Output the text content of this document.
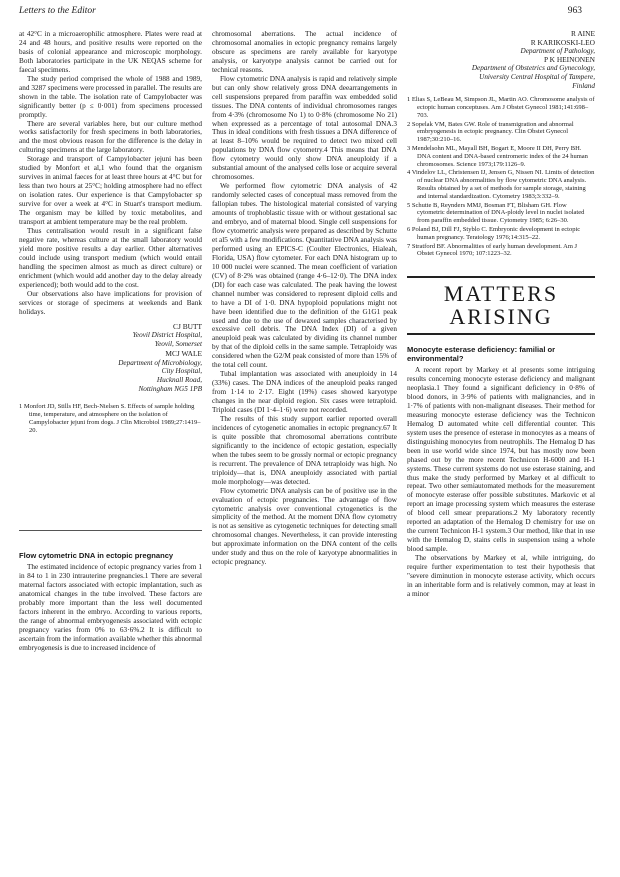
Letters to the Editor	963

at 42°C in a microaerophilic atmosphere. Plates were read at 24 and 48 hours, and positive results were reported on the basis of colonial appearance and microscopic morphology. Both laboratories participate in the UK NEQAS scheme for faecal specimens.

The study period comprised the whole of 1988 and 1989, and 3287 specimens were processed in parallel. The results are shown in the table. The isolation rate of Campylobacter was significantly better (p ≤ 0·001) from specimens processed promptly.

There are several variables here, but our culture method works satisfactorily for fresh specimens in both laboratories, and the most obvious reason for the difference is the delay in culturing specimens at the large laboratory.

Storage and transport of Campylobacter jejuni has been studied by Monfort et al,1 who found that the organism survives in animal faeces for at least three hours at 4°C but for less than two hours at 25°C; holding atmosphere had no effect on isolation rates. Our experience is that Campylobacter sp survive for over a week at 4°C in Stuart's transport medium. The organism may be killed by toxic metabolites, and transport at ambient temperature may be the real problem.

Thus centralisation would result in a significant false negative rate, whereas culture at the small laboratory would yield more positive results a day earlier. Other alternatives could include using transport medium (which would entail handling the specimen almost as much as direct culture) or enrichment (which would add another day to the delay already experienced); both would add to the cost.

Our observations also have implications for provision of services or storage of specimens at weekends and Bank holidays.

CJ BUTT
Yeovil District Hospital,
Yeovil, Somerset
MCJ WALE
Department of Microbiology,
City Hospital,
Hucknall Road,
Nottingham NG5 1PB
1 Monfort JD, Stills HF, Bech-Nielsen S. Effects of sample holding time, temperature, and atmosphere on the isolation of Campylobacter jejuni from dogs. J Clin Microbiol 1989;27:1419–20.
Flow cytometric DNA in ectopic pregnancy

The estimated incidence of ectopic pregnancy varies from 1 in 84 to 1 in 230 intrauterine pregnancies.1 There are several maternal factors associated with ectopic implantation, such as anatomical changes in the tube involved. These factors are probably more important than the less well documented factors inherent in the embryo. According to various reports, the range of abnormal embryogenesis associated with ectopic pregnancy varies from 0% to 63·6%.2 It is difficult to ascertain from the information available whether this abnormal embryogenesis is due to increased incidence of

chromosomal aberrations. The actual incidence of chromosomal anomalies in ectopic pregnancy remains largely obscure as specimens are rarely available for karyotype analysis, or karyotype analysis cannot be carried out for technical reasons.

Flow cytometric DNA analysis is rapid and relatively simple but can only show relatively gross DNA deearrangements in cell suspensions prepared from paraffin wax embedded solid tissues. The DNA contents of individual chromosomes ranges from 4·3% (chromosome No 1) to 0·8% (chromosome No 21) when expressed as a percentage of total autosomal DNA.3 Thus in ideal conditions with fresh tissues a DNA difference of at least 8–10% would be required to detect two mixed cell populations by DNA flow cytometry.4 This means that DNA flow cytometry would only show DNA aneuploidy if a substantial amount of the analysed cells lose or acquire several chromosomes.

We performed flow cytometric DNA analysis of 42 randomly selected cases of conceptual mass removed from the fallopian tubes. The histological material consisted of varying amounts of trophoblastic tissue with or without gestational sac and embryo, and of maternal blood. Single cell suspensions for flow cytometric analysis were prepared as described by Schutte et al5 with a few modifications. Quantitative DNA analysis was performed using an EPICS-C (Coulter Electronics, Hialeah, Florida, USA) flow cytometer. For each DNA histogram up to 10 000 nuclei were scanned. The mean coefficient of variation (CV) of 8·2% was obtained (range 4·6–12·0). The DNA index (DI) for each case was calculated. The peak having the lowest channel number was considered to represent diploid cells and to have a DI of 1·0. DNA hypoploid populations might not have been identified due to the definition of the G1G1 peak used and due to the use of dewaxed samples characterised by excessive cell debris. The DNA Index (DI) of a given aneuploid peak was calculated by dividing its channel number by that of the diploid cells in the same sample. Tetraploidy was considered when the G2/M peak consisted of more than 15% of the total cell count.

Tubal implantation was associated with aneuploidy in 14 (33%) cases. The DNA indices of the aneuploid peaks ranged from 1·14 to 2·17. Eight (19%) cases showed karyotype changes in the near diploid region. Six cases were tetraploid. Triploid cases (DI 1·4–1·6) were not recorded.

The results of this study support earlier reported overall incidences of cytogenetic anomalies in ectopic pregnancy.67 It is quite possible that chromosomal aberrations contribute significantly to the incidence of ectopic gestation, especially when the tubes seem to be grossly normal or ectopic pregnancy is recurrent. The prevalence of DNA tetraploidy was high. No triploidy—that is, DNA aneuploidy associated with partial mole morphology—was detected.

Flow cytometric DNA analysis can be of positive use in the evaluation of ectopic pregnancies. The advantage of flow cytometric analysis over conventional cytogenetics is the simplicity of the method. At the moment DNA flow cytometry is not as sensitive as cytogenetic techniques for detecting small chromosomal changes. Nevertheless, it can provide interesting but approximate information on the DNA content of the cells under study and thus on the role of karyotype abnormalities in ectopic pregnancy.

R AINE
R KARIKOSKI-LEO
Department of Pathology,
P K HEINONEN
Department of Obstetrics and Gynecology,
University Central Hospital of Tampere,
Finland
1 Elias S, LeBeau M, Simpson JL, Martin AO. Chromosome analysis of ectopic human conceptuses. Am J Obstet Gynecol 1981;141:698–703.
2 Sopelak VM, Bates GW. Role of transmigration and abnormal embryogenesis in ectopic pregnancy. Clin Obstet Gynecol 1987;30:210–16.
3 Mendelsohn ML, Mayall BH, Bogart E, Moore II DH, Perry BH. DNA content and DNA-based centromeric index of the 24 human chromosomes. Science 1973;179:1126–9.
4 Vindelov LL, Christensen IJ, Jensen G, Nissen NI. Limits of detection of nuclear DNA abnormalities by flow cytometric DNA analysis. Results obtained by a set of methods for sample storage, staining and internal standardization. Cytometry 1983;3:332–9.
5 Schutte B, Reynders MMJ, Bosman FT, Blisham GH. Flow cytometric determination of DNA-ploidy level in nuclei isolated from paraffin embedded tissue. Cytometry 1985; 6:26–30.
6 Poland BJ, Dill FJ, Styblo C. Embryonic development in ectopic human pregnancy. Teratology 1976;14:315–22.
7 Stratford BF. Abnormalities of early human development. Am J Obstet Gynecol 1970; 107:1223–32.
MATTERS
ARISING
Monocyte esterase deficiency: familial or environmental?

A recent report by Markey et al presents some intriguing results concerning monocyte esterase deficiency and malignant neoplasia.1 They found a significant deficiency in 0·8% of blood donors, in 3·9% of patients with malignancies, and in 1·7% of patients with non-malignant diseases. Their method for measuring monocyte esterase deficiency was the Technicon Hemalog D automated white cell differential counter. This system uses the presence of esterase in monocytes as a means of distinguishing monocytes from neutrophils. The Hemalog D has been in use world wide since 1974, but has mostly now been phased out by the more recent Technicon H-6000 and H-1 systems. These current systems do not use esterase staining, and thus make the study performed by Markey et al difficult to repeat. Two other semiautomated methods for the measurement of monocyte esterase offer possible substitutes. Markovic et al report an image processing system which measures the esterase of blood cell smear preparations.2 My laboratory recently reported an adaptation of the Hemalog D chemistry for use on the current Technicon H-1 system.3 Our method, like that in use with the Hemalog D, stains cells in suspension using a whole blood sample.

The observations by Markey et al, while intriguing, do require further experimentation to test their hypothesis that "severe diminution in monocyte esterase activity, which occurs in an inheritable form and is relatively common, may at least in a minor
